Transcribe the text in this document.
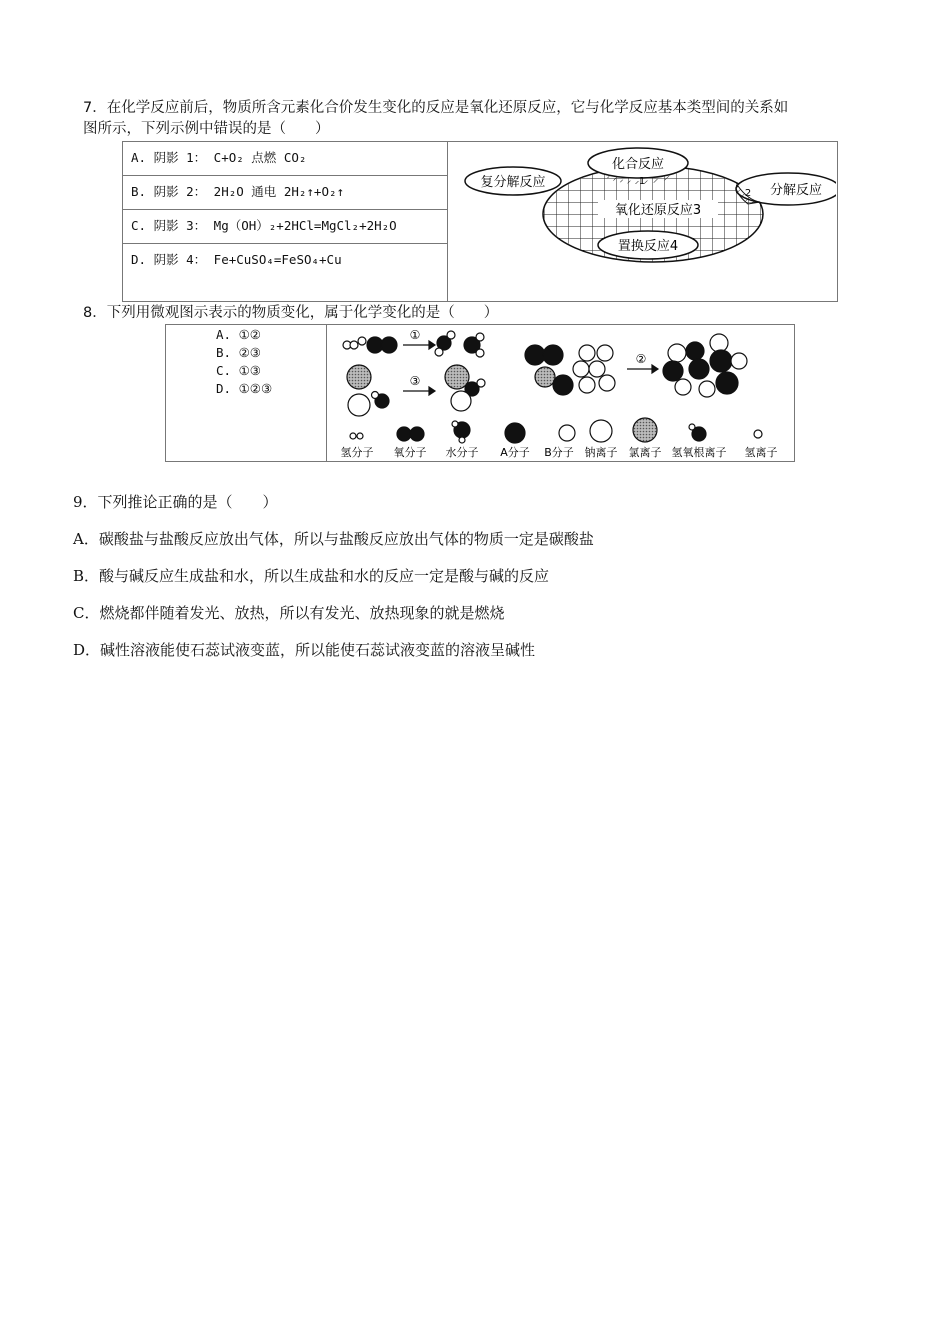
7．在化学反应前后，物质所含元素化合价发生变化的反应是氧化还原反应，它与化学反应基本类型间的关系如
图所示，下列示例中错误的是（　　）
A. 阴影 1： C+O₂ 点燃 CO₂
B. 阴影 2： 2H₂O 通电 2H₂↑+O₂↑
C. 阴影 3： Mg（OH）₂+2HCl=MgCl₂+2H₂O
D. 阴影 4： Fe+CuSO₄=FeSO₄+Cu
化合反应
复分解反应
分解反应
氧化还原反应3
置换反应4
1
2
8．下列用微观图示表示的物质变化，属于化学变化的是（　　）
A. ①②
B. ②③
C. ①③
D. ①②③
①
③
②
氢分子 氧分子 水分子 A分子 B分子 钠离子 氯离子 氢氧根离子 氢离子
9．下列推论正确的是（　　）
A．碳酸盐与盐酸反应放出气体，所以与盐酸反应放出气体的物质一定是碳酸盐
B．酸与碱反应生成盐和水，所以生成盐和水的反应一定是酸与碱的反应
C．燃烧都伴随着发光、放热，所以有发光、放热现象的就是燃烧
D．碱性溶液能使石蕊试液变蓝，所以能使石蕊试液变蓝的溶液呈碱性
